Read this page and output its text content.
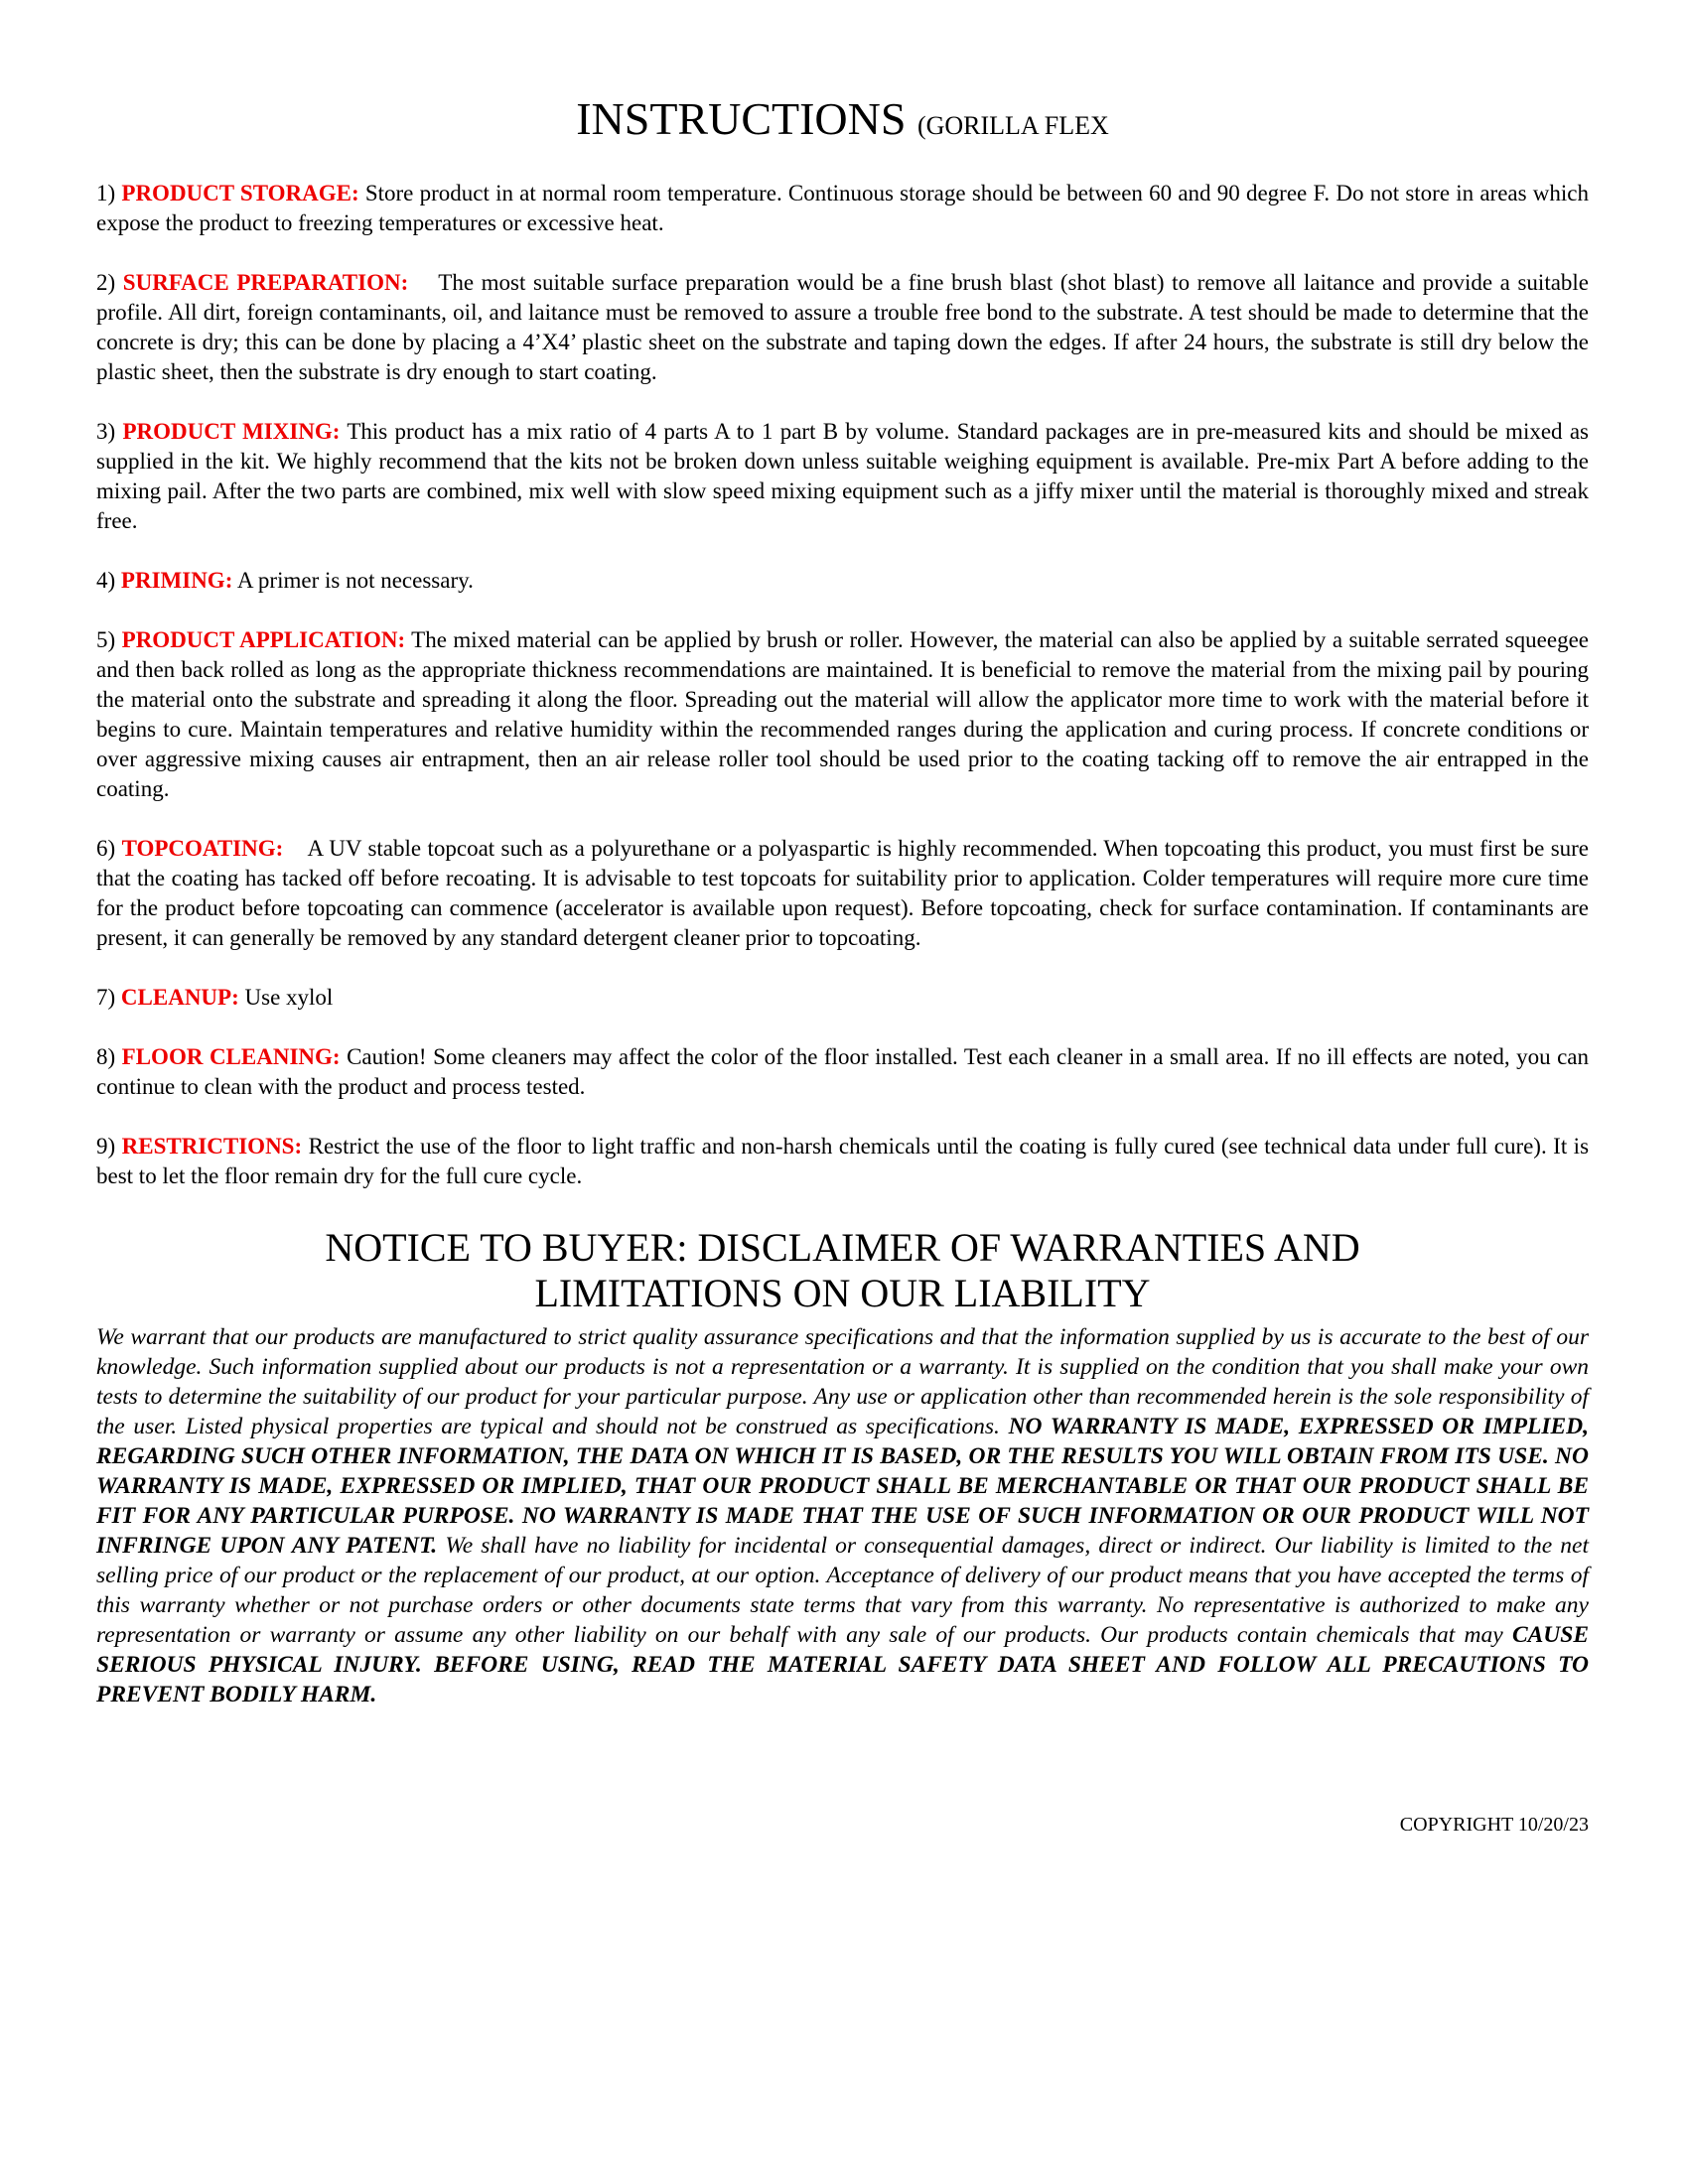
INSTRUCTIONS (GORILLA FLEX

1) PRODUCT STORAGE: Store product in at normal room temperature. Continuous storage should be between 60 and 90 degree F. Do not store in areas which expose the product to freezing temperatures or excessive heat.

2) SURFACE PREPARATION:    The most suitable surface preparation would be a fine brush blast (shot blast) to remove all laitance and provide a suitable profile. All dirt, foreign contaminants, oil, and laitance must be removed to assure a trouble free bond to the substrate. A test should be made to determine that the concrete is dry; this can be done by placing a 4’X4’ plastic sheet on the substrate and taping down the edges. If after 24 hours, the substrate is still dry below the plastic sheet, then the substrate is dry enough to start coating.

3) PRODUCT MIXING: This product has a mix ratio of 4 parts A to 1 part B by volume. Standard packages are in pre-measured kits and should be mixed as supplied in the kit. We highly recommend that the kits not be broken down unless suitable weighing equipment is available. Pre-mix Part A before adding to the mixing pail. After the two parts are combined, mix well with slow speed mixing equipment such as a jiffy mixer until the material is thoroughly mixed and streak free.

4) PRIMING: A primer is not necessary.

5) PRODUCT APPLICATION: The mixed material can be applied by brush or roller. However, the material can also be applied by a suitable serrated squeegee and then back rolled as long as the appropriate thickness recommendations are maintained. It is beneficial to remove the material from the mixing pail by pouring the material onto the substrate and spreading it along the floor. Spreading out the material will allow the applicator more time to work with the material before it begins to cure. Maintain temperatures and relative humidity within the recommended ranges during the application and curing process. If concrete conditions or over aggressive mixing causes air entrapment, then an air release roller tool should be used prior to the coating tacking off to remove the air entrapped in the coating.

6) TOPCOATING:    A UV stable topcoat such as a polyurethane or a polyaspartic is highly recommended. When topcoating this product, you must first be sure that the coating has tacked off before recoating. It is advisable to test topcoats for suitability prior to application. Colder temperatures will require more cure time for the product before topcoating can commence (accelerator is available upon request). Before topcoating, check for surface contamination. If contaminants are present, it can generally be removed by any standard detergent cleaner prior to topcoating.

7) CLEANUP: Use xylol

8) FLOOR CLEANING: Caution! Some cleaners may affect the color of the floor installed. Test each cleaner in a small area. If no ill effects are noted, you can continue to clean with the product and process tested.

9) RESTRICTIONS: Restrict the use of the floor to light traffic and non-harsh chemicals until the coating is fully cured (see technical data under full cure). It is best to let the floor remain dry for the full cure cycle.

NOTICE TO BUYER: DISCLAIMER OF WARRANTIES AND
LIMITATIONS ON OUR LIABILITY

We warrant that our products are manufactured to strict quality assurance specifications and that the information supplied by us is accurate to the best of our knowledge. Such information supplied about our products is not a representation or a warranty. It is supplied on the condition that you shall make your own tests to determine the suitability of our product for your particular purpose. Any use or application other than recommended herein is the sole responsibility of the user. Listed physical properties are typical and should not be construed as specifications. NO WARRANTY IS MADE, EXPRESSED OR IMPLIED, REGARDING SUCH OTHER INFORMATION, THE DATA ON WHICH IT IS BASED, OR THE RESULTS YOU WILL OBTAIN FROM ITS USE. NO WARRANTY IS MADE, EXPRESSED OR IMPLIED, THAT OUR PRODUCT SHALL BE MERCHANTABLE OR THAT OUR PRODUCT SHALL BE FIT FOR ANY PARTICULAR PURPOSE. NO WARRANTY IS MADE THAT THE USE OF SUCH INFORMATION OR OUR PRODUCT WILL NOT INFRINGE UPON ANY PATENT. We shall have no liability for incidental or consequential damages, direct or indirect. Our liability is limited to the net selling price of our product or the replacement of our product, at our option. Acceptance of delivery of our product means that you have accepted the terms of this warranty whether or not purchase orders or other documents state terms that vary from this warranty. No representative is authorized to make any representation or warranty or assume any other liability on our behalf with any sale of our products. Our products contain chemicals that may CAUSE SERIOUS PHYSICAL INJURY. BEFORE USING, READ THE MATERIAL SAFETY DATA SHEET AND FOLLOW ALL PRECAUTIONS TO PREVENT BODILY HARM.

COPYRIGHT 10/20/23
